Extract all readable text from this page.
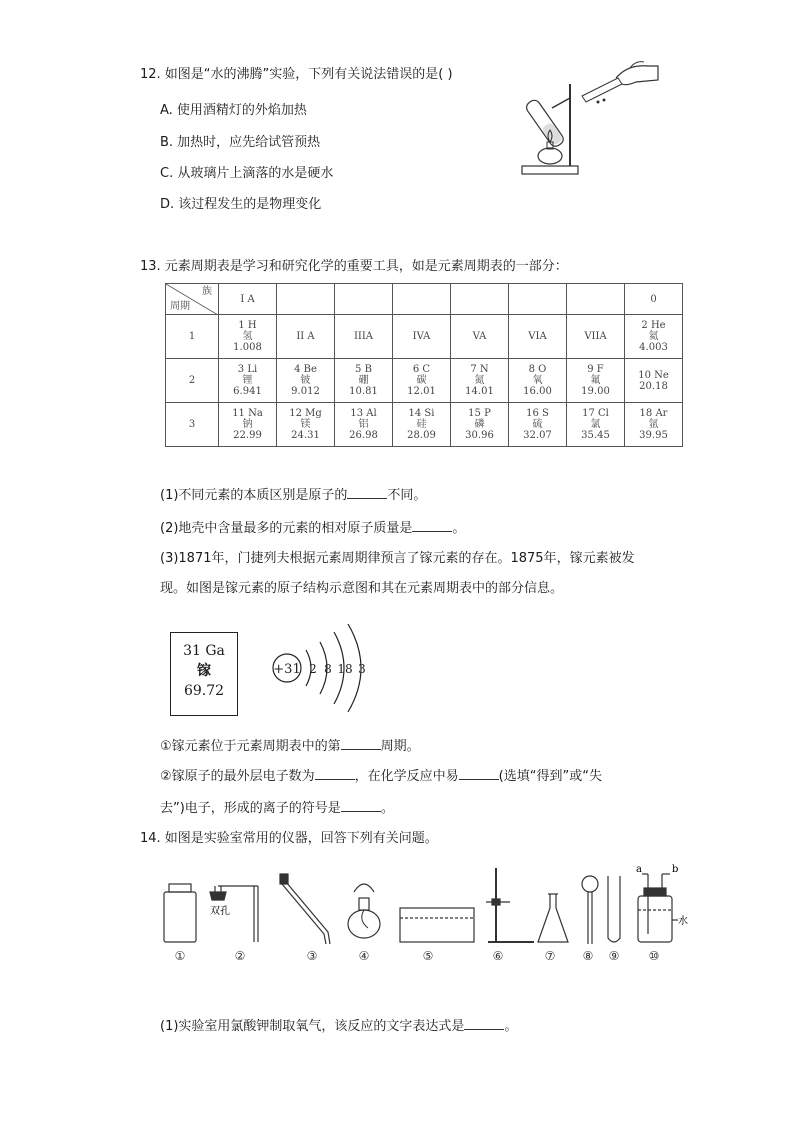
12. 如图是“水的沸腾”实验，下列有关说法错误的是( )
A. 使用酒精灯的外焰加热
B. 加热时，应先给试管预热
C. 从玻璃片上滴落的水是硬水
D. 该过程发生的是物理变化
13. 元素周期表是学习和研究化学的重要工具，如是元素周期表的一部分：
族
周期	I A							0
1	1 H
氢
1.008	II A	IIIA	IVA	VA	VIA	VIIA	2 He
氦
4.003

2	3 Li
锂
6.941	4 Be
铍
9.012	5 B
硼
10.81	6 C
碳
12.01	7 N
氮
14.01	8 O
氧
16.00	9 F
氟
19.00	10 Ne
20.18

3	11 Na
钠
22.99	12 Mg
镁
24.31	13 Al
铝
26.98	14 Si
硅
28.09	15 P
磷
30.96	16 S
硫
32.07	17 Cl
氯
35.45	18 Ar
氩
39.95
(1)不同元素的本质区别是原子的	不同。
(2)地壳中含量最多的元素的相对原子质量是	。
(3)1871年，门捷列夫根据元素周期律预言了镓元素的存在。1875年，镓元素被发
现。如图是镓元素的原子结构示意图和其在元素周期表中的部分信息。
31 Ga
镓
69.72
+31 2 8 18 3
①镓元素位于元素周期表中的第	周期。
②镓原子的最外层电子数为	，在化学反应中易	(选填“得到”或“失
去”)电子，形成的离子的符号是	。
14. 如图是实验室常用的仪器，回答下列有关问题。
双孔
a	b
水
①	②	③	④	⑤	⑥	⑦ ⑧ ⑨ ⑩
(1)实验室用氯酸钾制取氧气，该反应的文字表达式是	。
